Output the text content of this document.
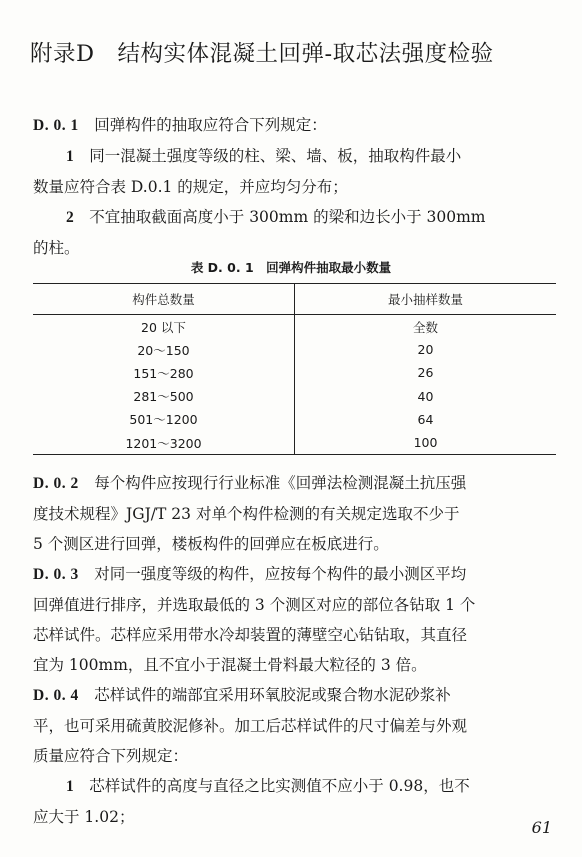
附录D　结构实体混凝土回弹-取芯法强度检验
D. 0. 1　 回弹构件的抽取应符合下列规定：
1　 同一混凝土强度等级的柱、梁、墙、板，抽取构件最小
数量应符合表 D.0.1 的规定，并应均匀分布；
2　 不宜抽取截面高度小于 300mm 的梁和边长小于 300mm
的柱。
表 D. 0. 1　回弹构件抽取最小数量
构件总数量	最小抽样数量
20 以下	全数
20～150	20
151～280	26
281～500	40
501～1200	64
1201～3200	100
D. 0. 2　 每个构件应按现行行业标准《回弹法检测混凝土抗压强
度技术规程》JGJ/T 23 对单个构件检测的有关规定选取不少于
5 个测区进行回弹，楼板构件的回弹应在板底进行。
D. 0. 3　 对同一强度等级的构件，应按每个构件的最小测区平均
回弹值进行排序，并选取最低的 3 个测区对应的部位各钻取 1 个
芯样试件。芯样应采用带水冷却装置的薄壁空心钻钻取，其直径
宜为 100mm，且不宜小于混凝土骨料最大粒径的 3 倍。
D. 0. 4　 芯样试件的端部宜采用环氧胶泥或聚合物水泥砂浆补
平，也可采用硫黄胶泥修补。加工后芯样试件的尺寸偏差与外观
质量应符合下列规定：
1　 芯样试件的高度与直径之比实测值不应小于 0.98，也不
应大于 1.02；
61
